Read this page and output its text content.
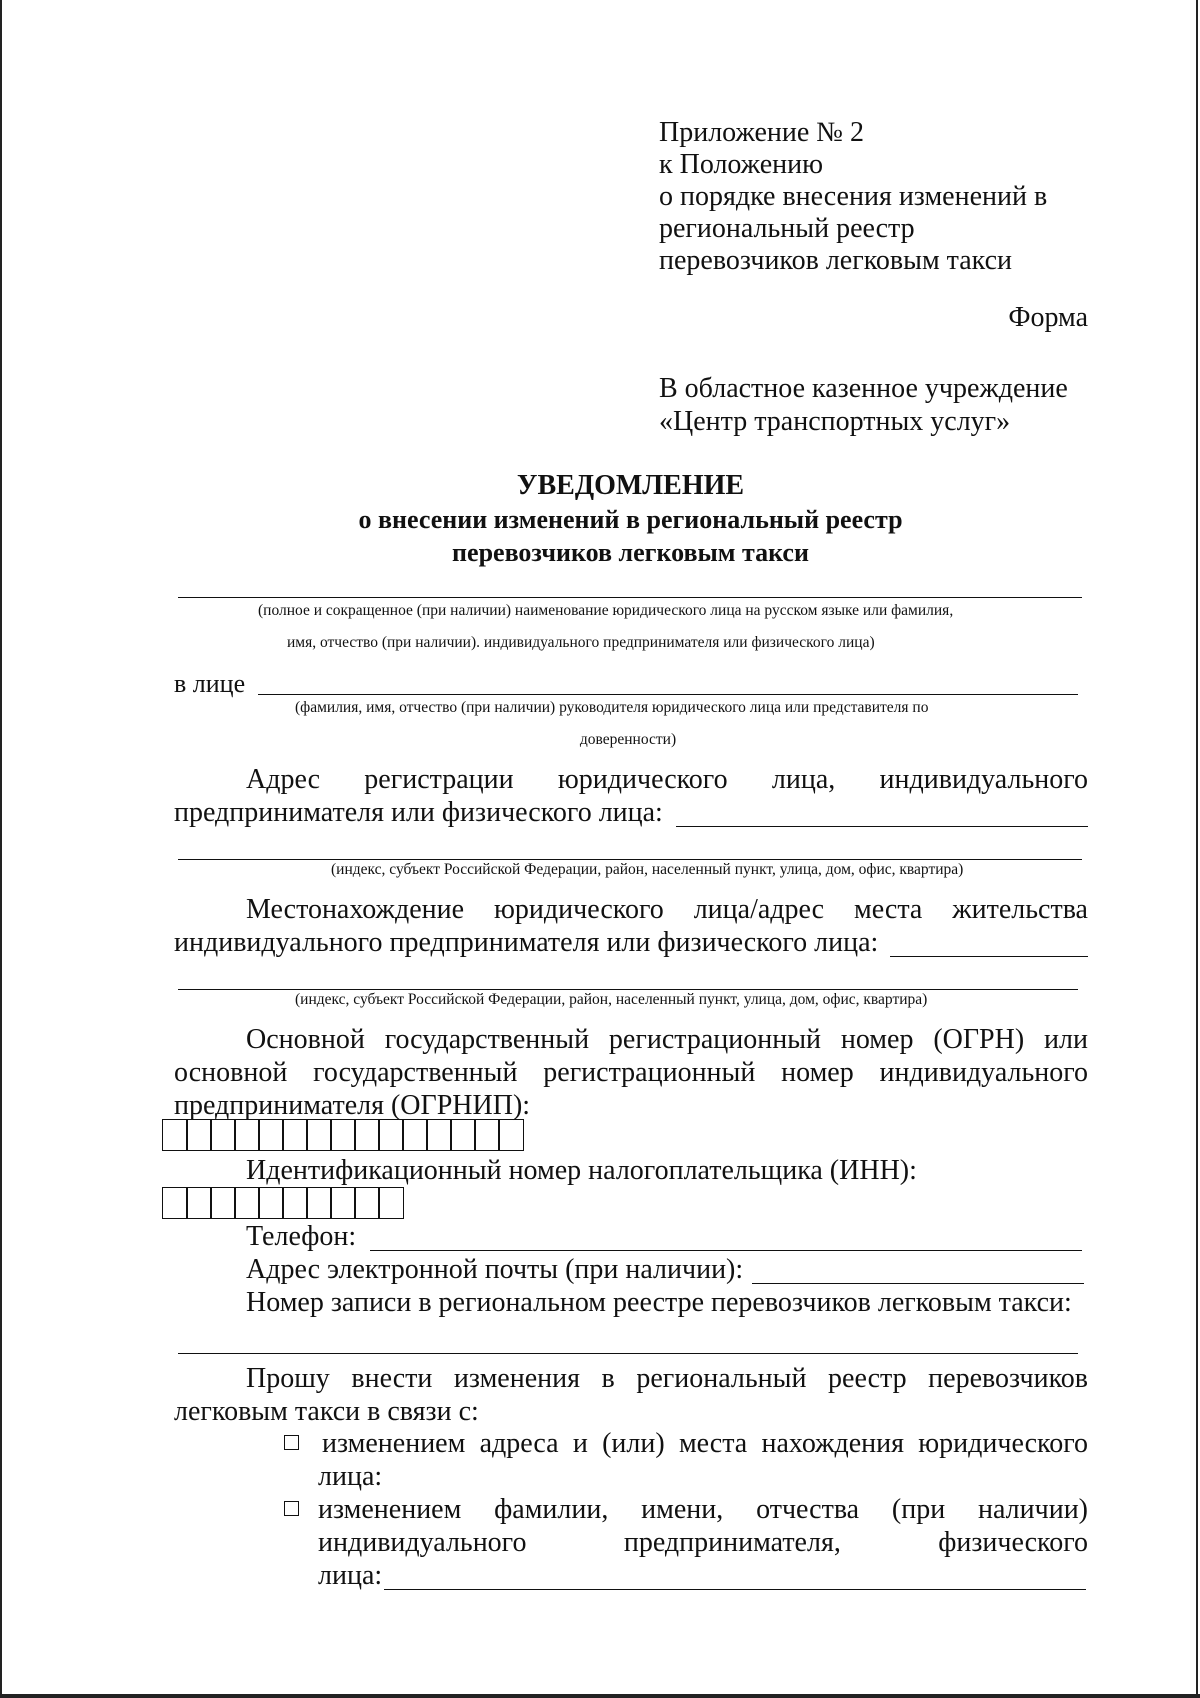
Приложение № 2
к Положению
о порядке внесения изменений в
региональный реестр
перевозчиков легковым такси
Форма
В областное казенное учреждение
«Центр транспортных услуг»
УВЕДОМЛЕНИЕ
о внесении изменений в региональный реестр
перевозчиков легковым такси
(полное и сокращенное (при наличии) наименование юридического лица на русском языке или фамилия,
имя, отчество (при наличии). индивидуального предпринимателя или физического лица)
в лице
(фамилия, имя, отчество (при наличии) руководителя юридического лица или представителя по
доверенности)
Адрес регистрации юридического лица, индивидуального
предпринимателя или физического лица:
(индекс, субъект Российской Федерации, район, населенный пункт, улица, дом, офис, квартира)
Местонахождение юридического лица/адрес места жительства
индивидуального предпринимателя или физического лица:
(индекс, субъект Российской Федерации, район, населенный пункт, улица, дом, офис, квартира)
Основной государственный регистрационный номер (ОГРН) или
основной государственный регистрационный номер индивидуального
предпринимателя (ОГРНИП):
Идентификационный номер налогоплательщика (ИНН):
Телефон:
Адрес электронной почты (при наличии):
Номер записи в региональном реестре перевозчиков легковым такси:
Прошу внести изменения в региональный реестр перевозчиков
легковым такси в связи с:
изменением адреса и (или) места нахождения юридического
лица:
изменением фамилии, имени, отчества (при наличии)
индивидуального предпринимателя, физического
лица:
